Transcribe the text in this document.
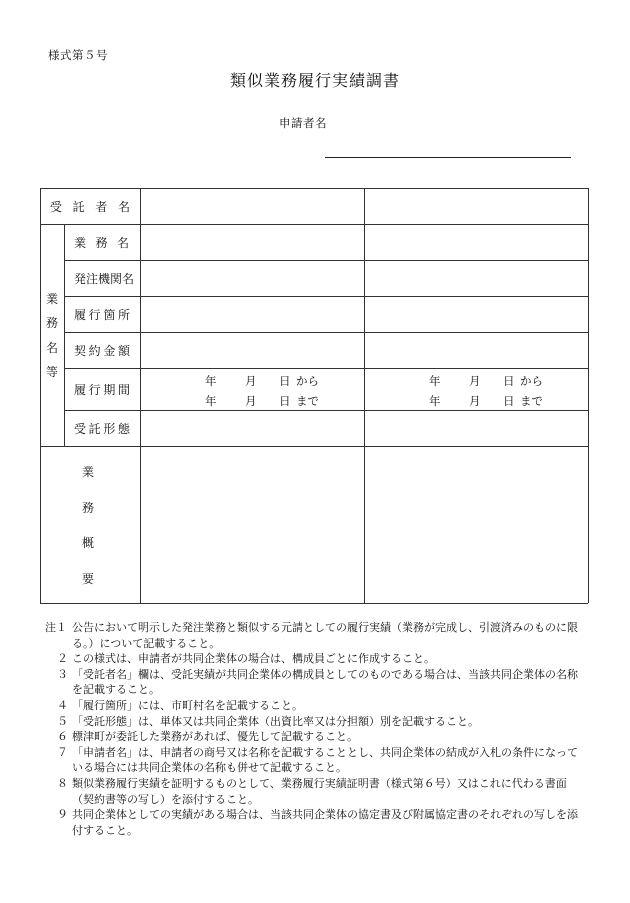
様式第５号
類似業務履行実績調書
申請者名
受 託 者 名
業
務
名
等
業 務 名
発注機関名
履 行 箇 所
契 約 金 額
履 行 期 間
受 託 形 態
年 月 日 から
年 月 日 まで
年 月 日 から
年 月 日 まで
業
務
概
要
注１ 公告において明示した発注業務と類似する元請としての履行実績（業務が完成し、引渡済みのものに限る。）について記載すること。
２ この様式は、申請者が共同企業体の場合は、構成員ごとに作成すること。
３ 「受託者名」欄は、受託実績が共同企業体の構成員としてのものである場合は、当該共同企業体の名称を記載すること。
４ 「履行箇所」には、市町村名を記載すること。
５ 「受託形態」は、単体又は共同企業体（出資比率又は分担額）別を記載すること。
６ 標津町が委託した業務があれば、優先して記載すること。
７ 「申請者名」は、申請者の商号又は名称を記載することとし、共同企業体の結成が入札の条件になっている場合には共同企業体の名称も併せて記載すること。
８ 類似業務履行実績を証明するものとして、業務履行実績証明書（様式第６号）又はこれに代わる書面（契約書等の写し）を添付すること。
９ 共同企業体としての実績がある場合は、当該共同企業体の協定書及び附属協定書のそれぞれの写しを添付すること。
